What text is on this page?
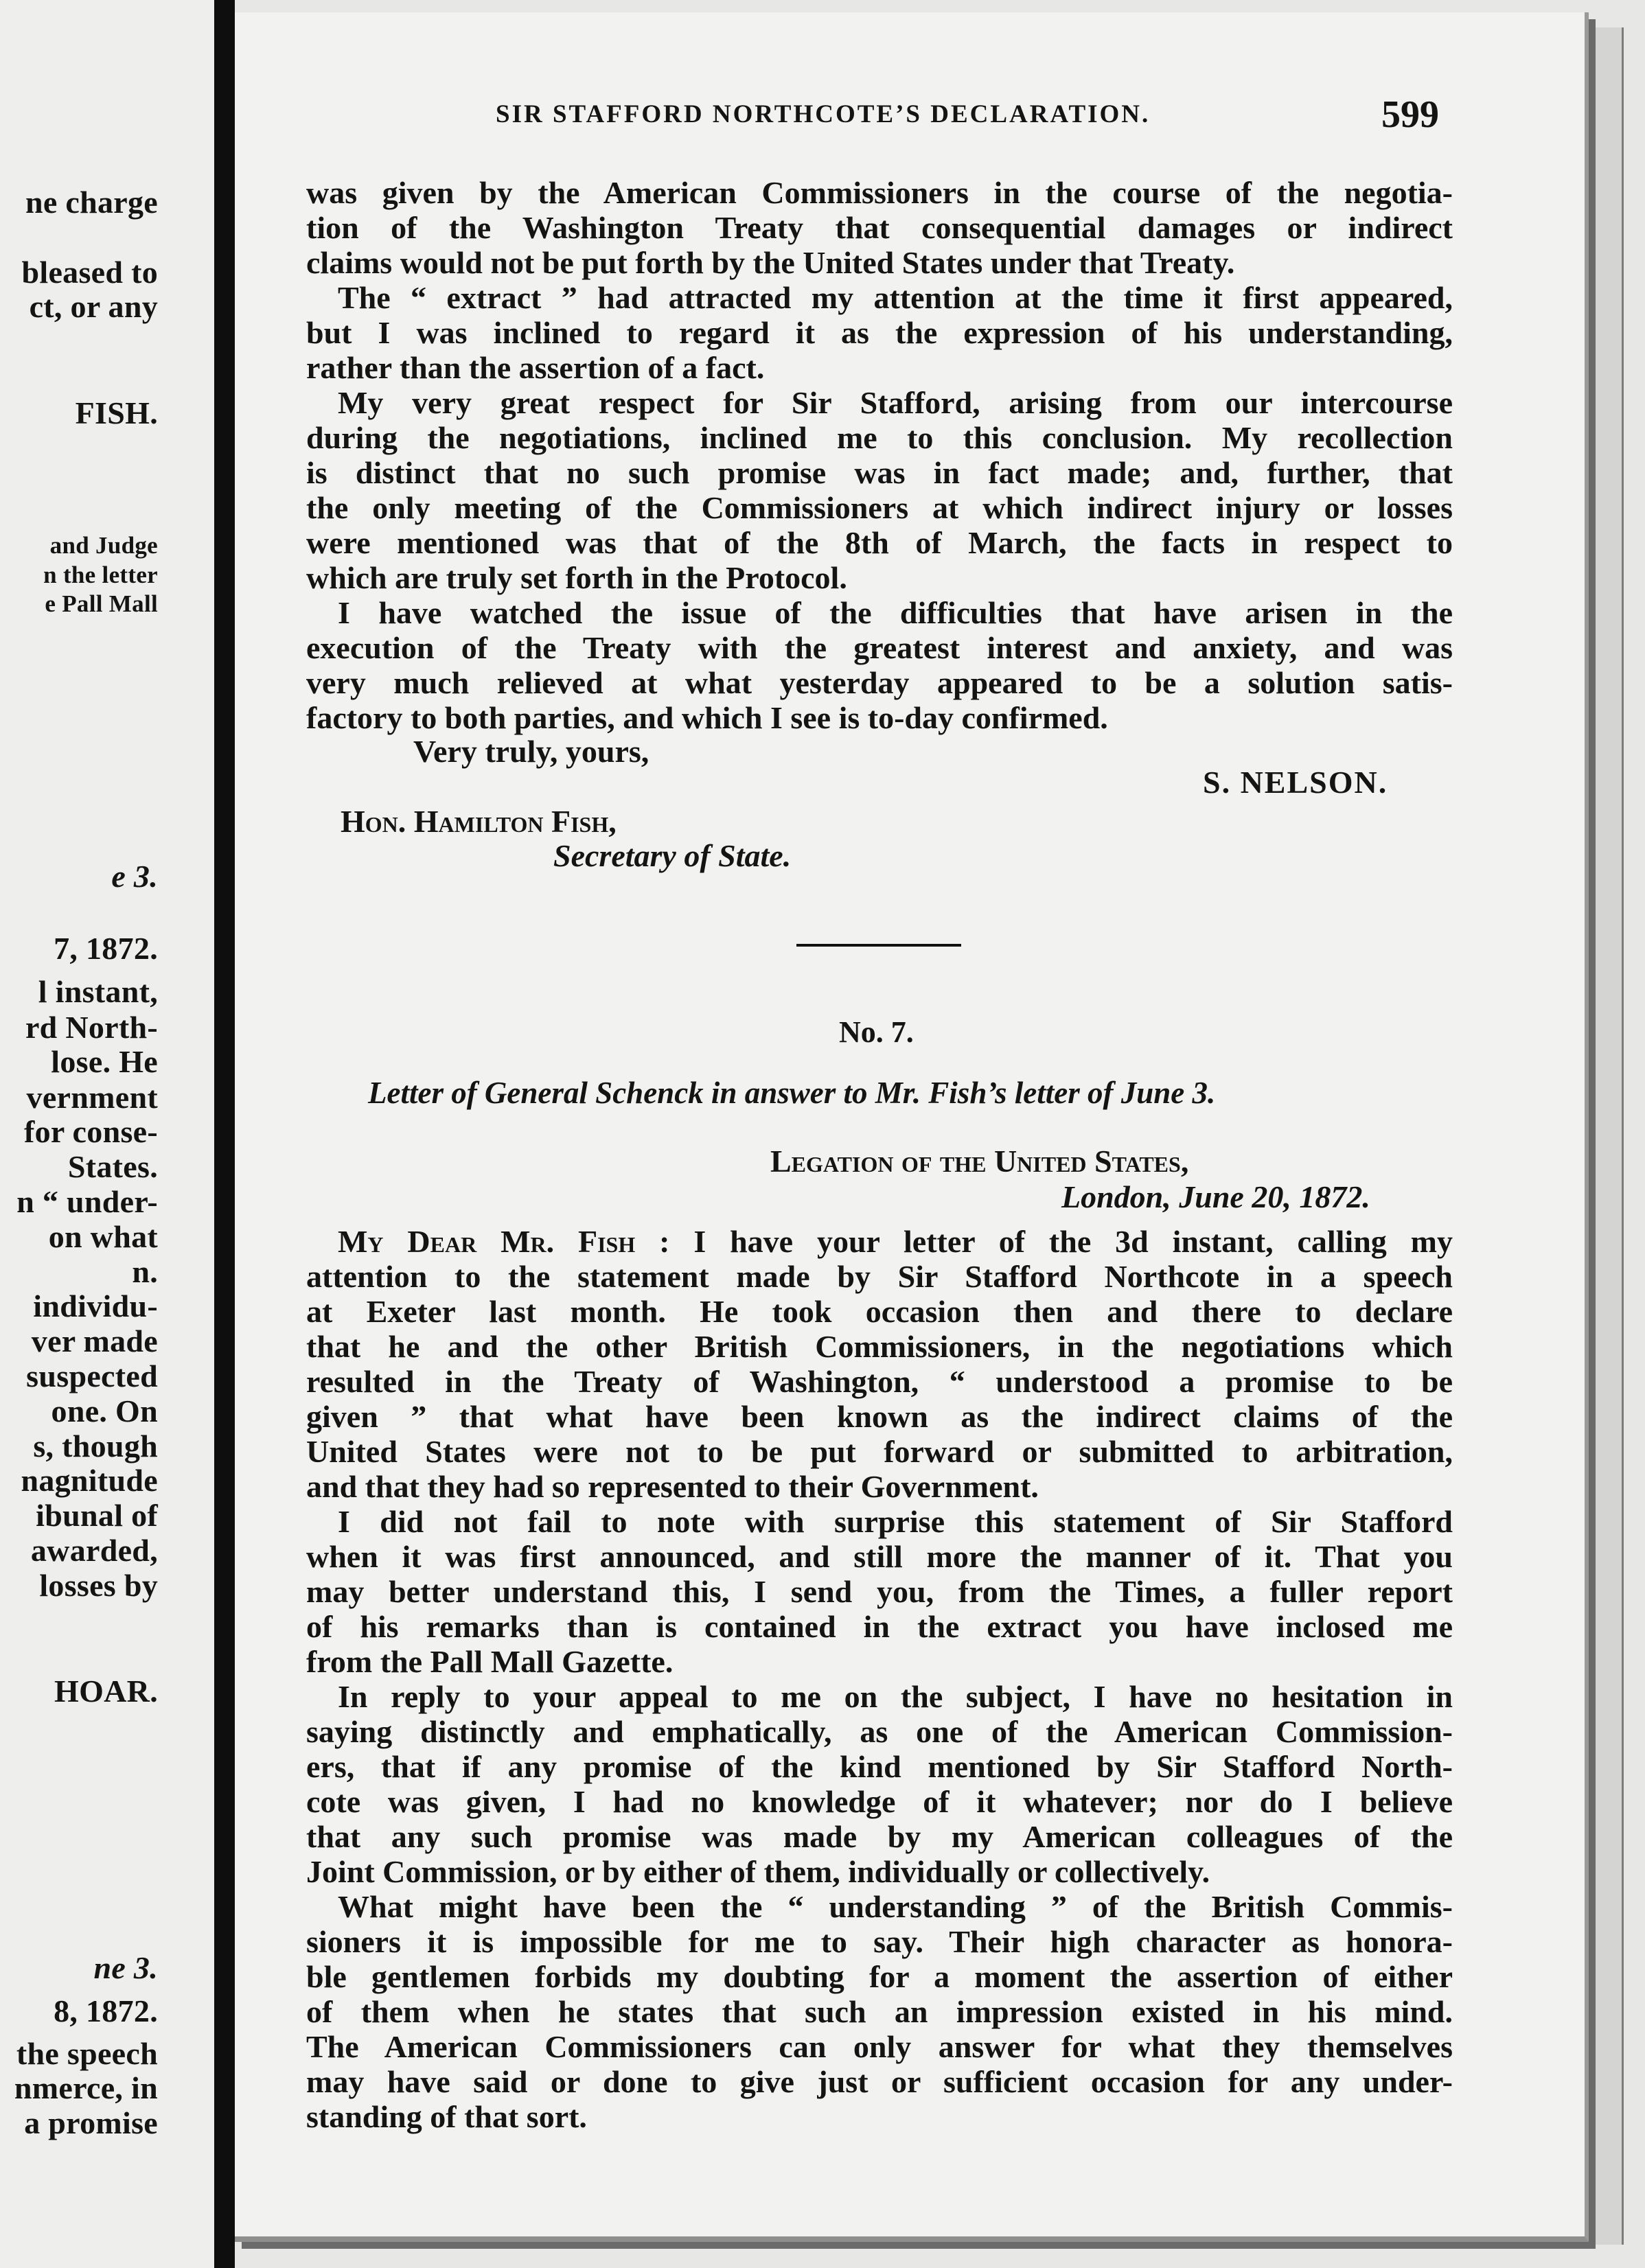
ne charge
bleased to
ct, or any
FISH.
and Judge
n the letter
e Pall Mall
e 3.
7, 1872.
l instant,
rd North-
lose. He
vernment
for conse-
States.
n “ under-
on what
n.
individu-
ver made
suspected
one. On
s, though
nagnitude
ibunal of
awarded,
losses by
HOAR.
ne 3.
8, 1872.
the speech
nmerce, in
a promise
SIR STAFFORD NORTHCOTE’S DECLARATION.	599
was given by the American Commissioners in the course of the negotia-
tion of the Washington Treaty that consequential damages or indirect
claims would not be put forth by the United States under that Treaty.
The “ extract ” had attracted my attention at the time it first appeared,
but I was inclined to regard it as the expression of his understanding,
rather than the assertion of a fact.
My very great respect for Sir Stafford, arising from our intercourse
during the negotiations, inclined me to this conclusion. My recollection
is distinct that no such promise was in fact made; and, further, that
the only meeting of the Commissioners at which indirect injury or losses
were mentioned was that of the 8th of March, the facts in respect to
which are truly set forth in the Protocol.
I have watched the issue of the difficulties that have arisen in the
execution of the Treaty with the greatest interest and anxiety, and was
very much relieved at what yesterday appeared to be a solution satis-
factory to both parties, and which I see is to-day confirmed.
Very truly, yours,
S. NELSON.
Hon. Hamilton Fish,
Secretary of State.
No. 7.
Letter of General Schenck in answer to Mr. Fish’s letter of June 3.
Legation of the United States,
London, June 20, 1872.
My Dear Mr. Fish : I have your letter of the 3d instant, calling my
attention to the statement made by Sir Stafford Northcote in a speech
at Exeter last month. He took occasion then and there to declare
that he and the other British Commissioners, in the negotiations which
resulted in the Treaty of Washington, “ understood a promise to be
given ” that what have been known as the indirect claims of the
United States were not to be put forward or submitted to arbitration,
and that they had so represented to their Government.
I did not fail to note with surprise this statement of Sir Stafford
when it was first announced, and still more the manner of it. That you
may better understand this, I send you, from the Times, a fuller report
of his remarks than is contained in the extract you have inclosed me
from the Pall Mall Gazette.
In reply to your appeal to me on the subject, I have no hesitation in
saying distinctly and emphatically, as one of the American Commission-
ers, that if any promise of the kind mentioned by Sir Stafford North-
cote was given, I had no knowledge of it whatever; nor do I believe
that any such promise was made by my American colleagues of the
Joint Commission, or by either of them, individually or collectively.
What might have been the “ understanding ” of the British Commis-
sioners it is impossible for me to say. Their high character as honora-
ble gentlemen forbids my doubting for a moment the assertion of either
of them when he states that such an impression existed in his mind.
The American Commissioners can only answer for what they themselves
may have said or done to give just or sufficient occasion for any under-
standing of that sort.
